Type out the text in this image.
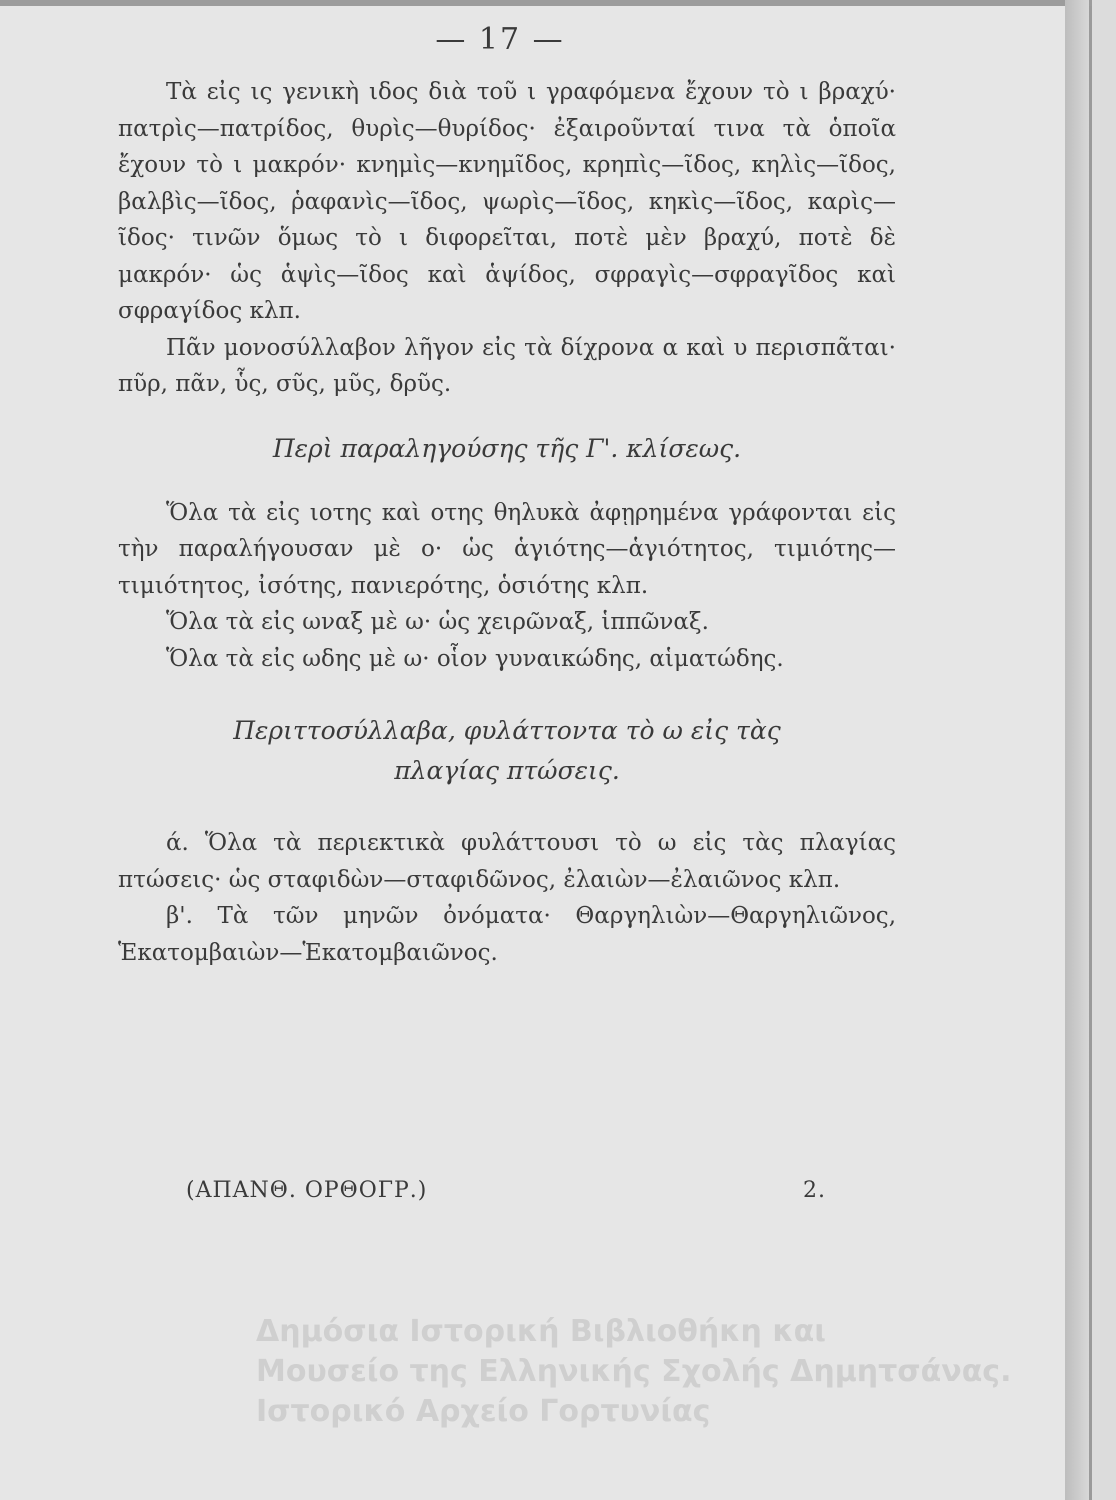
— 17 —

Τὰ εἰς ις γενικὴ ιδος διὰ τοῦ ι γραφόμενα ἔχουν τὸ ι βραχύ· πατρὶς—πατρίδος, θυρὶς—θυρίδος· ἐξαιροῦνταί τινα τὰ ὁποῖα ἔχουν τὸ ι μακρόν· κνημὶς—κνημῖδος, κρηπὶς—ῖδος, κηλὶς—ῖδος, βαλβὶς—ῖδος, ῥαφανὶς—ῖδος, ψωρὶς—ῖδος, κηκὶς—ῖδος, καρὶς—ῖδος· τινῶν ὅμως τὸ ι διφορεῖται, ποτὲ μὲν βραχύ, ποτὲ δὲ μακρόν· ὡς ἁψὶς—ῖδος καὶ ἁψίδος, σφραγὶς—σφραγῖδος καὶ σφραγίδος κλπ.

Πᾶν μονοσύλλαβον λῆγον εἰς τὰ δίχρονα α καὶ υ περισπᾶται· πῦρ, πᾶν, ὗς, σῦς, μῦς, δρῦς.

Περὶ παραληγούσης τῆς Γ'. κλίσεως.

Ὅλα τὰ εἰς ιοτης καὶ οτης θηλυκὰ ἀφῃρημένα γράφονται εἰς τὴν παραλήγουσαν μὲ ο· ὡς ἁγιότης—ἁγιότητος, τιμιότης—τιμιότητος, ἰσότης, πανιερότης, ὁσιότης κλπ.

Ὅλα τὰ εἰς ωναξ μὲ ω· ὡς χειρῶναξ, ἱππῶναξ.

Ὅλα τὰ εἰς ωδης μὲ ω· οἷον γυναικώδης, αἱματώδης.

Περιττοσύλλαβα, φυλάττοντα τὸ ω εἰς τὰς πλαγίας πτώσεις.

ά. Ὅλα τὰ περιεκτικὰ φυλάττουσι τὸ ω εἰς τὰς πλαγίας πτώσεις· ὡς σταφιδὼν—σταφιδῶνος, ἐλαιὼν—ἐλαιῶνος κλπ.

β'. Τὰ τῶν μηνῶν ὀνόματα· Θαργηλιὼν—Θαργηλιῶνος, Ἑκατομβαιὼν—Ἑκατομβαιῶνος.

(ΑΠΑΝΘ. ΟΡΘΟΓΡ.)	2.
Δημόσια Ιστορική Βιβλιοθήκη και
Μουσείο της Ελληνικής Σχολής Δημητσάνας.
Ιστορικό Αρχείο Γορτυνίας
